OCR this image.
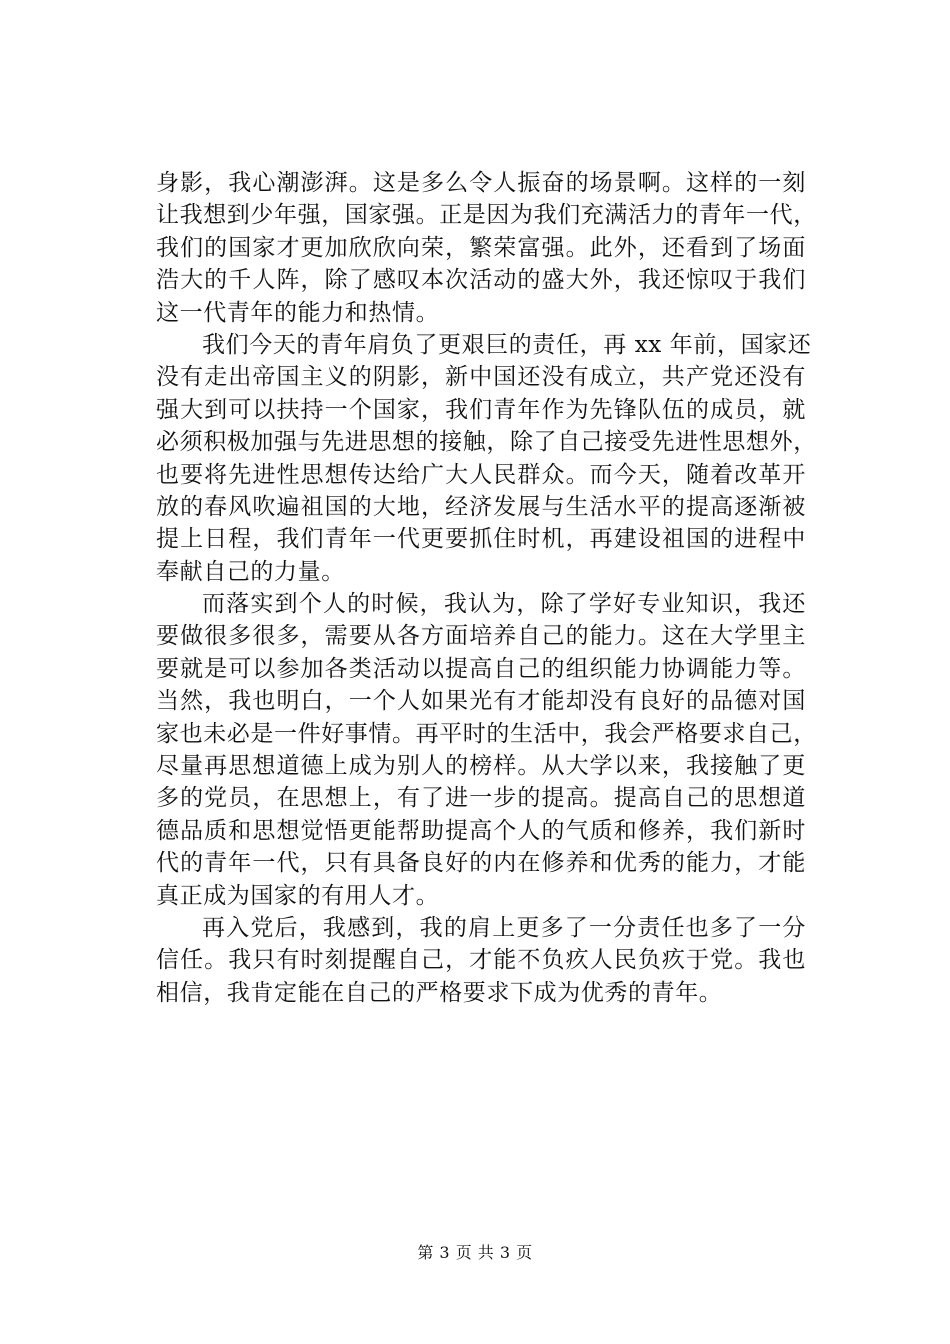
身影，我心潮澎湃。这是多么令人振奋的场景啊。这样的一刻
让我想到少年强，国家强。正是因为我们充满活力的青年一代，
我们的国家才更加欣欣向荣，繁荣富强。此外，还看到了场面
浩大的千人阵，除了感叹本次活动的盛大外，我还惊叹于我们
这一代青年的能力和热情。
我们今天的青年肩负了更艰巨的责任，再 xx 年前，国家还
没有走出帝国主义的阴影，新中国还没有成立，共产党还没有
强大到可以扶持一个国家，我们青年作为先锋队伍的成员，就
必须积极加强与先进思想的接触，除了自己接受先进性思想外，
也要将先进性思想传达给广大人民群众。而今天，随着改革开
放的春风吹遍祖国的大地，经济发展与生活水平的提高逐渐被
提上日程，我们青年一代更要抓住时机，再建设祖国的进程中
奉献自己的力量。
而落实到个人的时候，我认为，除了学好专业知识，我还
要做很多很多，需要从各方面培养自己的能力。这在大学里主
要就是可以参加各类活动以提高自己的组织能力协调能力等。
当然，我也明白，一个人如果光有才能却没有良好的品德对国
家也未必是一件好事情。再平时的生活中，我会严格要求自己，
尽量再思想道德上成为别人的榜样。从大学以来，我接触了更
多的党员，在思想上，有了进一步的提高。提高自己的思想道
德品质和思想觉悟更能帮助提高个人的气质和修养，我们新时
代的青年一代，只有具备良好的内在修养和优秀的能力，才能
真正成为国家的有用人才。
再入党后，我感到，我的肩上更多了一分责任也多了一分
信任。我只有时刻提醒自己，才能不负疚人民负疚于党。我也
相信，我肯定能在自己的严格要求下成为优秀的青年。
第 3 页 共 3 页
